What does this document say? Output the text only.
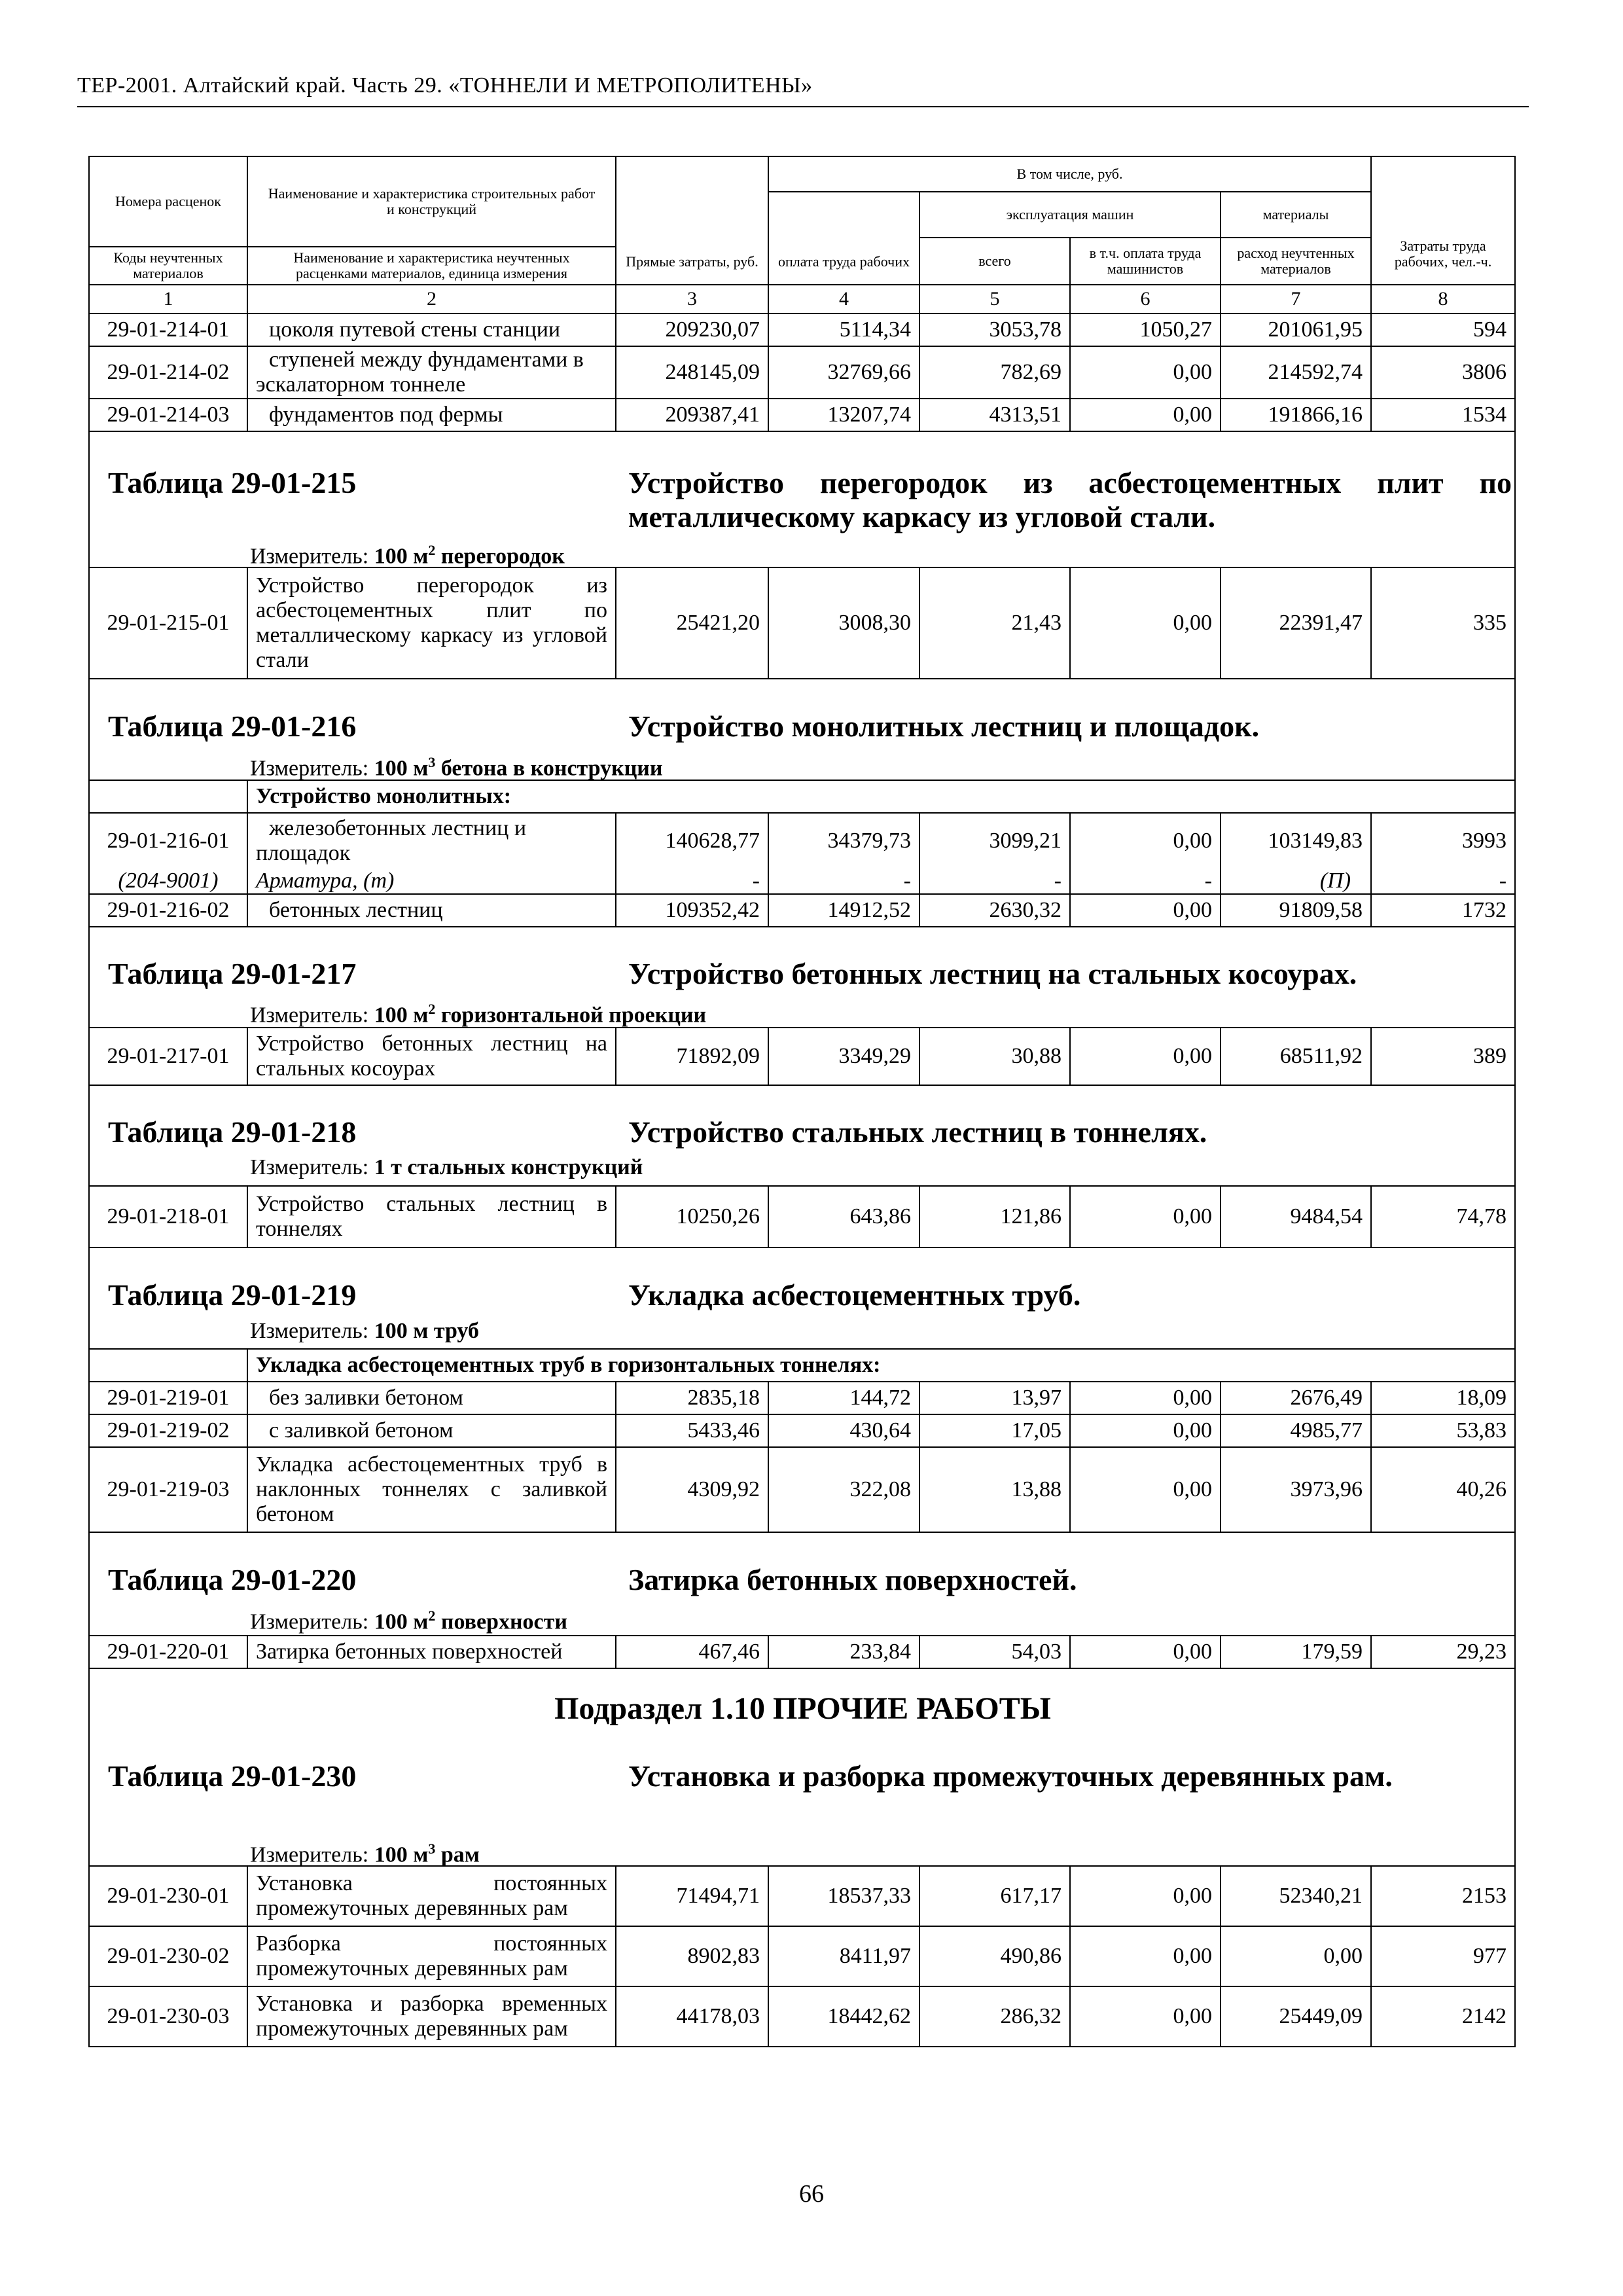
ТЕР-2001. Алтайский край. Часть 29. «ТОННЕЛИ И МЕТРОПОЛИТЕНЫ»
Номера расценок	Наименование и характеристика строительных работ и конструкций	Прямые затраты, руб.	В том числе, руб.				Затраты труда рабочих, чел.-ч.
			оплата труда рабочих	эксплуатация машин		материалы	
				всего	в т.ч. оплата труда машинистов	расход неучтенных материалов	
Коды неучтенных материалов	Наименование и характеристика неучтенных расценками материалов, единица измерения						

1	2	3	4	5	6	7	8
29-01-214-01	цоколя путевой стены станции	209230,07	5114,34	3053,78	1050,27	201061,95	594
29-01-214-02	ступеней между фундаментами в эскалаторном тоннеле	248145,09	32769,66	782,69	0,00	214592,74	3806
29-01-214-03	фундаментов под фермы	209387,41	13207,74	4313,51	0,00	191866,16	1534

Таблица 29-01-215 Устройство перегородок из асбестоцементных плит по металлическому каркасу из угловой стали.
Измеритель: 100 $м^2$ перегородок							

29-01-215-01	Устройство перегородок из асбестоцементных плит по металлическому каркасу из угловой стали	25421,20	3008,30	21,43	0,00	22391,47	335

Таблица 29-01-216 Устройство монолитных лестниц и площадок.
Измеритель: 100 $м^3$ бетона в конструкции							

	Устройство монолитных:						
29-01-216-01	железобетонных лестниц и площадок	140628,77	34379,73	3099,21	0,00	103149,83	3993
(204-9001)	Арматура, (т)	-	-	-	-	(П)	-
29-01-216-02	бетонных лестниц	109352,42	14912,52	2630,32	0,00	91809,58	1732

Таблица 29-01-217 Устройство бетонных лестниц на стальных косоурах.
Измеритель: 100 $м^2$ горизонтальной проекции							

29-01-217-01	Устройство бетонных лестниц на стальных косоурах	71892,09	3349,29	30,88	0,00	68511,92	389

Таблица 29-01-218 Устройство стальных лестниц в тоннелях.
Измеритель: 1 т стальных конструкций							

29-01-218-01	Устройство стальных лестниц в тоннелях	10250,26	643,86	121,86	0,00	9484,54	74,78

Таблица 29-01-219 Укладка асбестоцементных труб.
Измеритель: 100 м труб							

	Укладка асбестоцементных труб в горизонтальных тоннелях:						
29-01-219-01	без заливки бетоном	2835,18	144,72	13,97	0,00	2676,49	18,09
29-01-219-02	с заливкой бетоном	5433,46	430,64	17,05	0,00	4985,77	53,83
29-01-219-03	Укладка асбестоцементных труб в наклонных тоннелях с заливкой бетоном	4309,92	322,08	13,88	0,00	3973,96	40,26

Таблица 29-01-220 Затирка бетонных поверхностей.
Измеритель: 100 $м^2$ поверхности							

29-01-220-01	Затирка бетонных поверхностей	467,46	233,84	54,03	0,00	179,59	29,23

Подраздел 1.10 ПРОЧИЕ РАБОТЫ
Таблица 29-01-230 Установка и разборка промежуточных деревянных рам.
Измеритель: 100 $м^3$ рам							

29-01-230-01	Установка постоянных промежуточных деревянных рам	71494,71	18537,33	617,17	0,00	52340,21	2153
29-01-230-02	Разборка постоянных промежуточных деревянных рам	8902,83	8411,97	490,86	0,00	0,00	977
29-01-230-03	Установка и разборка временных промежуточных деревянных рам	44178,03	18442,62	286,32	0,00	25449,09	2142
66
